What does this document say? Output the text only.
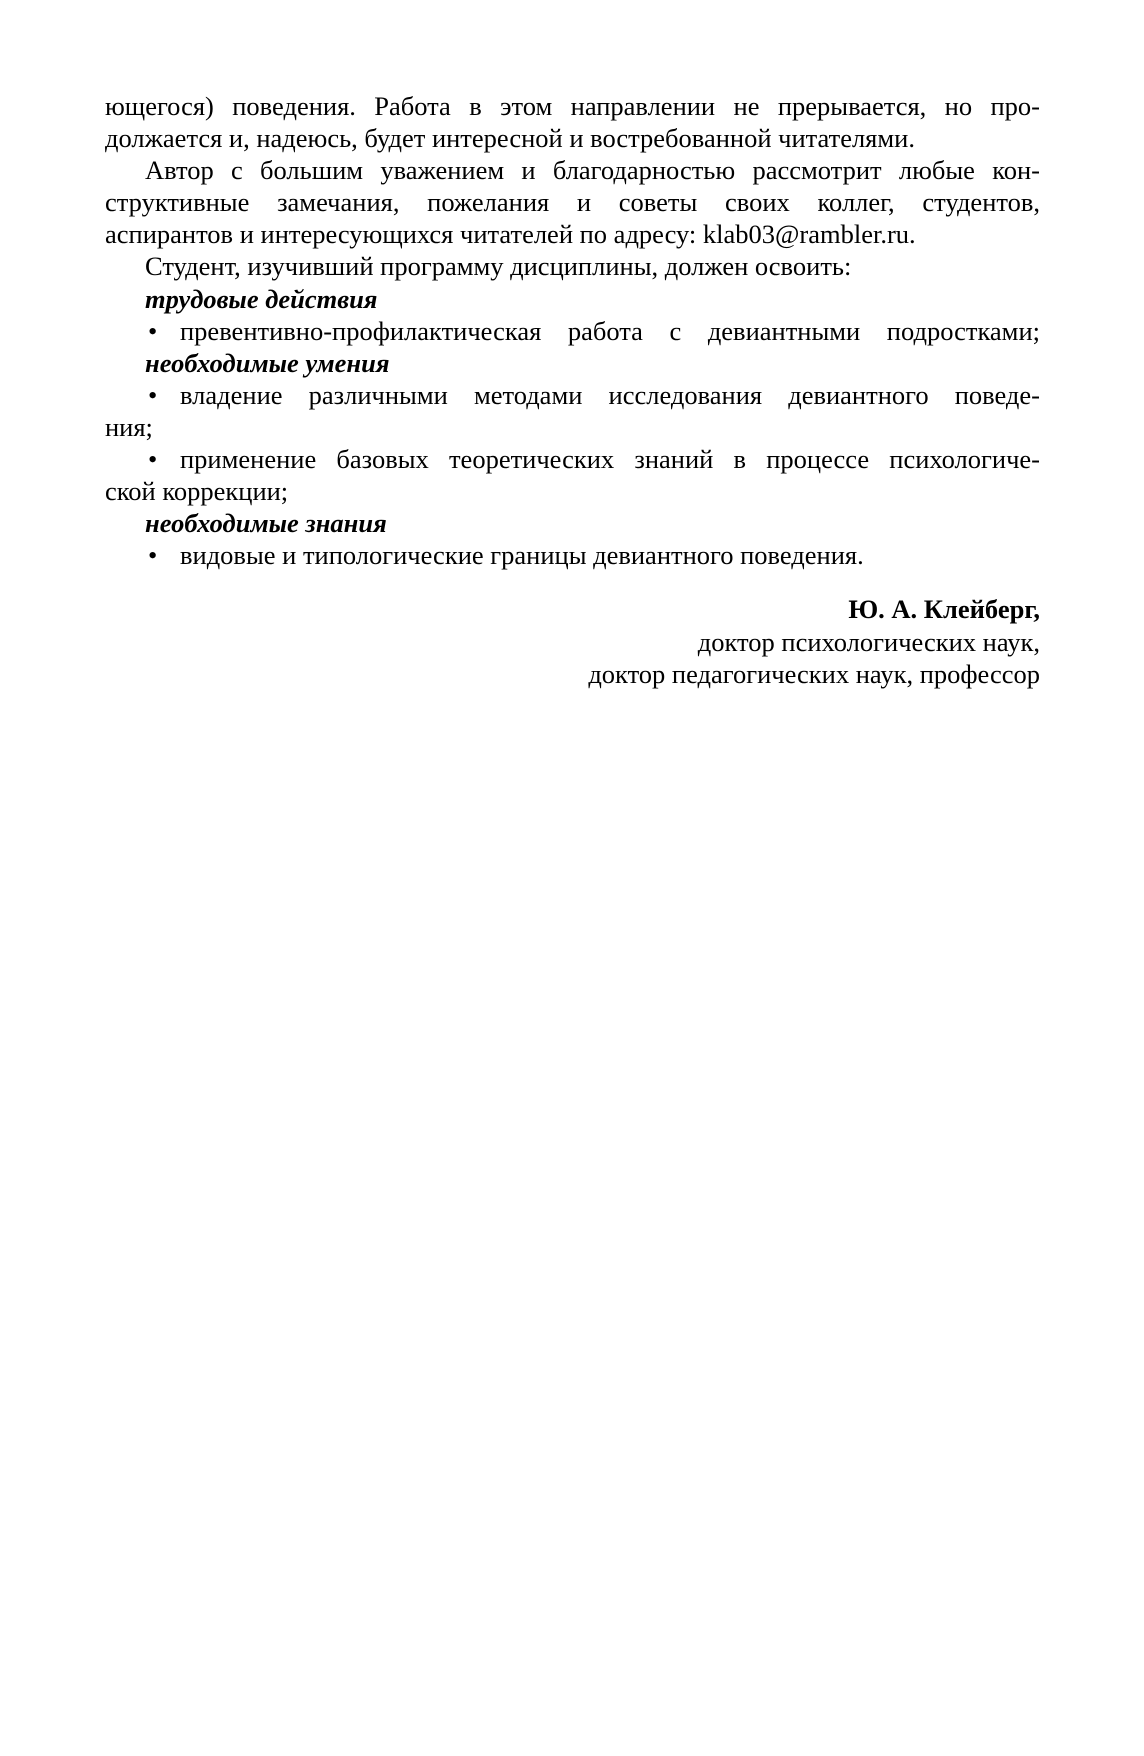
ющегося) поведения. Работа в этом направлении не прерывается, но про-
должается и, надеюсь, будет интересной и востребованной читателями.
Автор с большим уважением и благодарностью рассмотрит любые кон-
структивные замечания, пожелания и советы своих коллег, студентов,
аспирантов и интересующихся читателей по адресу: klab03@rambler.ru.
Студент, изучивший программу дисциплины, должен освоить:
трудовые действия
• превентивно-профилактическая работа с девиантными подростками;
необходимые умения
• владение различными методами исследования девиантного поведе-
ния;
• применение базовых теоретических знаний в процессе психологиче-
ской коррекции;
необходимые знания
• видовые и типологические границы девиантного поведения.
Ю. А. Клейберг,
доктор психологических наук,
доктор педагогических наук, профессор
